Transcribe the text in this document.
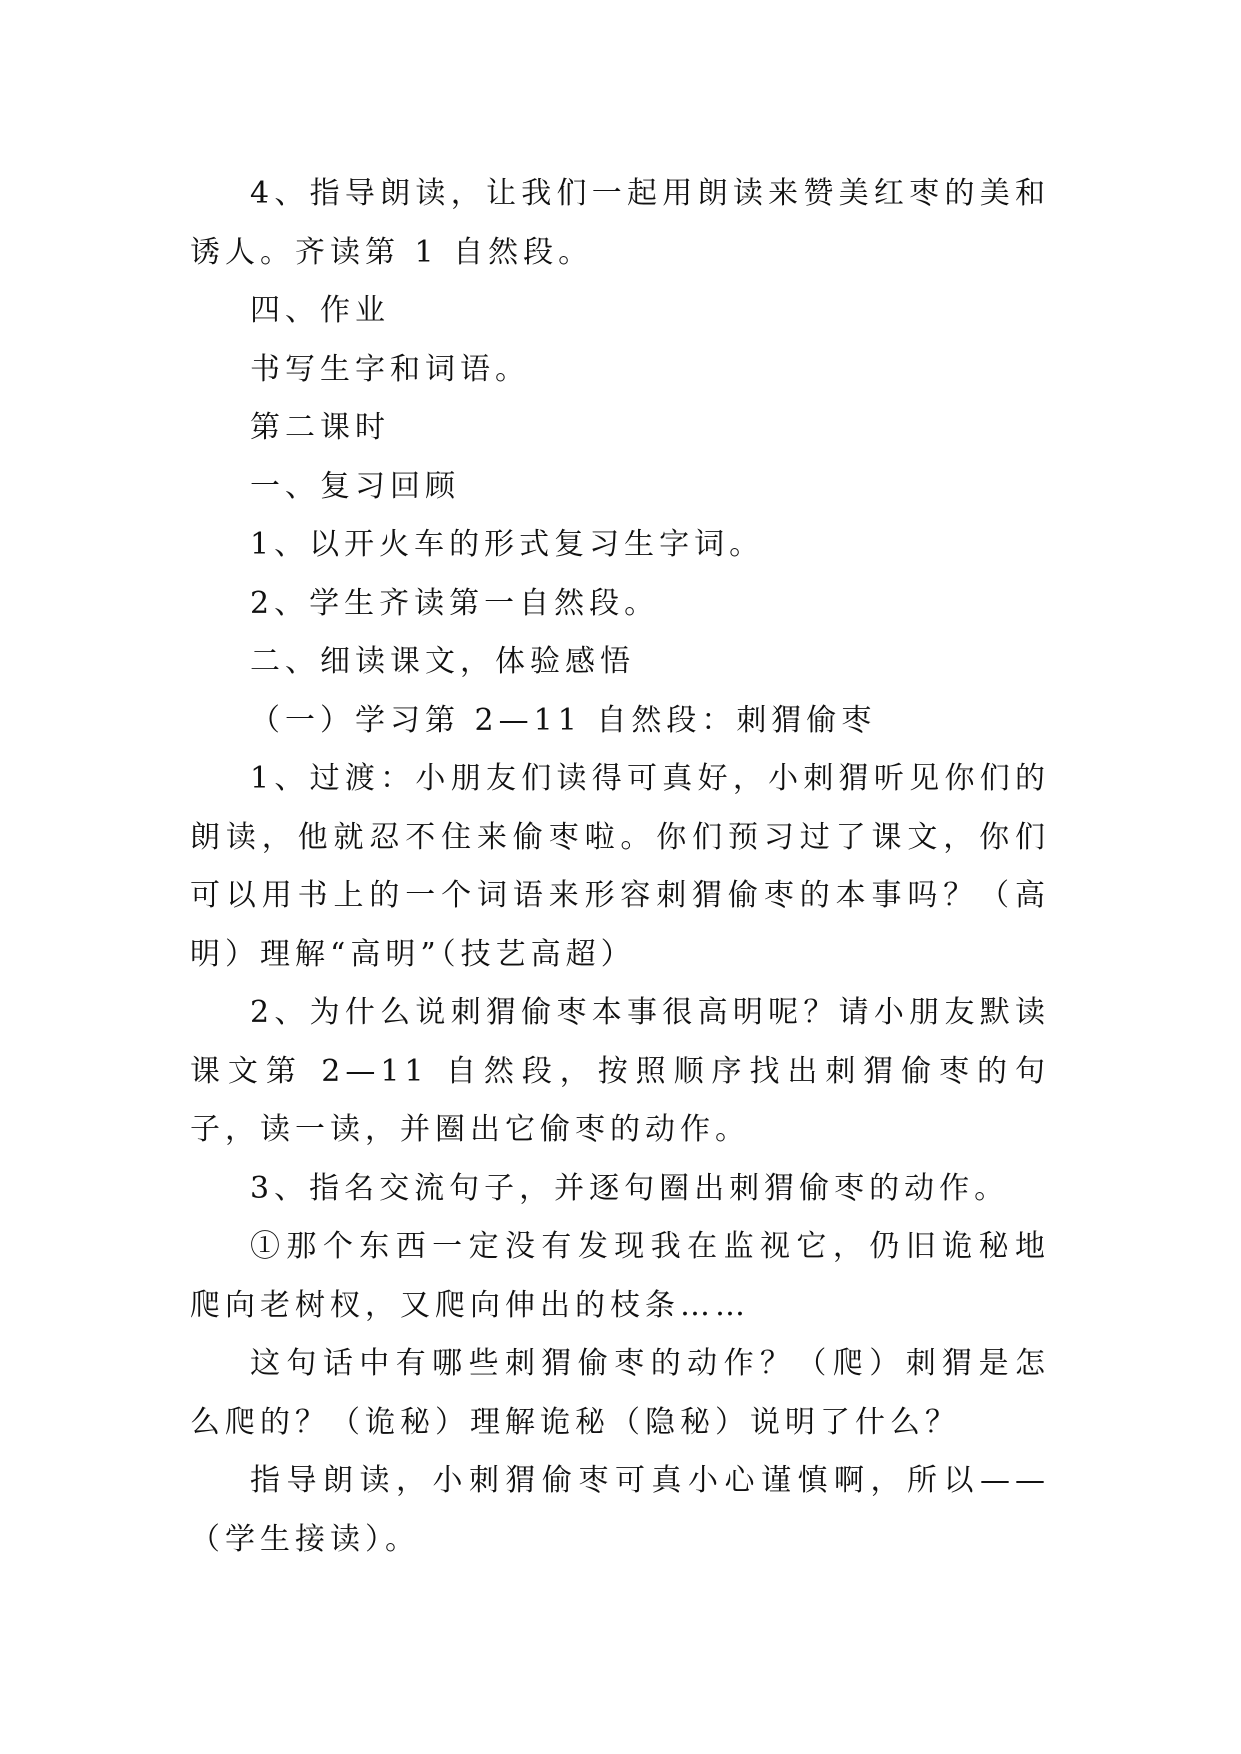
4、指导朗读，让我们一起用朗读来赞美红枣的美和诱人。齐读第 1 自然段。

四、作业

书写生字和词语。

第二课时

一、复习回顾

1、以开火车的形式复习生字词。

2、学生齐读第一自然段。

二、细读课文，体验感悟

（一）学习第 2—11 自然段：刺猬偷枣

1、过渡：小朋友们读得可真好，小刺猬听见你们的朗读，他就忍不住来偷枣啦。你们预习过了课文，你们可以用书上的一个词语来形容刺猬偷枣的本事吗？（高明）理解“高明”（技艺高超）

2、为什么说刺猬偷枣本事很高明呢？请小朋友默读课文第 2—11 自然段，按照顺序找出刺猬偷枣的句子，读一读，并圈出它偷枣的动作。

3、指名交流句子，并逐句圈出刺猬偷枣的动作。

①那个东西一定没有发现我在监视它，仍旧诡秘地爬向老树杈，又爬向伸出的枝条……

这句话中有哪些刺猬偷枣的动作？（爬）刺猬是怎么爬的？（诡秘）理解诡秘（隐秘）说明了什么？

指导朗读，小刺猬偷枣可真小心谨慎啊，所以——（学生接读）。
